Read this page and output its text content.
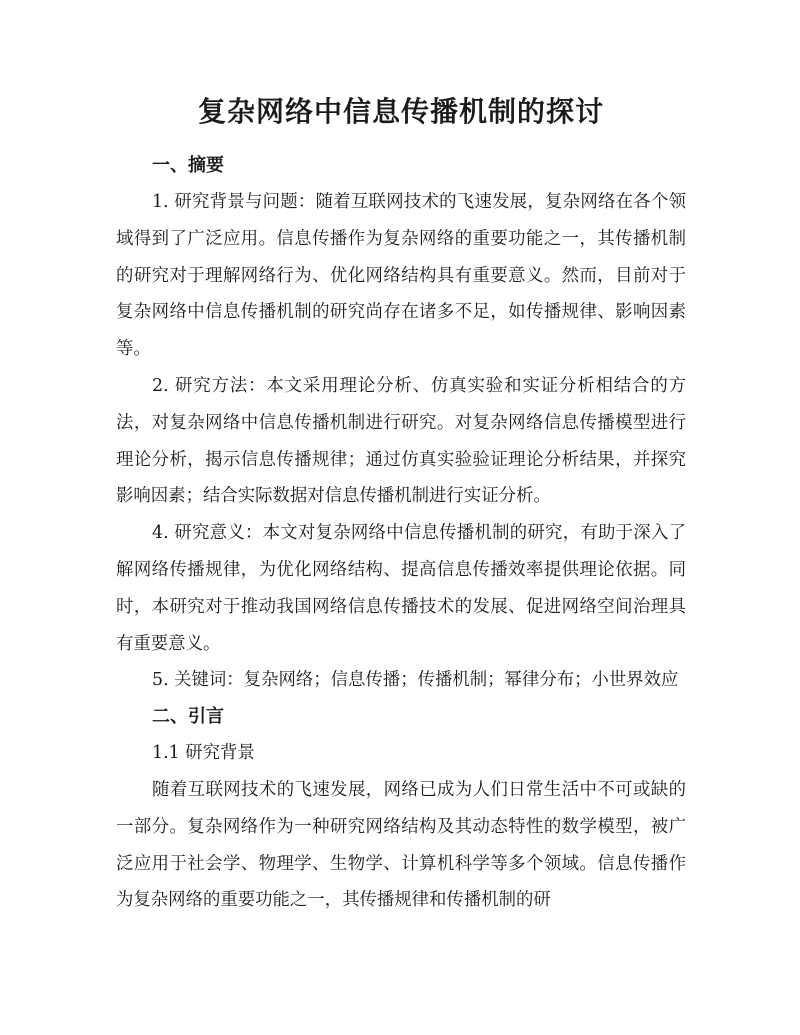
复杂网络中信息传播机制的探讨

一、摘要

1. 研究背景与问题：随着互联网技术的飞速发展，复杂网络在各个领域得到了广泛应用。信息传播作为复杂网络的重要功能之一，其传播机制的研究对于理解网络行为、优化网络结构具有重要意义。然而，目前对于复杂网络中信息传播机制的研究尚存在诸多不足，如传播规律、影响因素等。

2. 研究方法：本文采用理论分析、仿真实验和实证分析相结合的方法，对复杂网络中信息传播机制进行研究。对复杂网络信息传播模型进行理论分析，揭示信息传播规律；通过仿真实验验证理论分析结果，并探究影响因素；结合实际数据对信息传播机制进行实证分析。

4. 研究意义：本文对复杂网络中信息传播机制的研究，有助于深入了解网络传播规律，为优化网络结构、提高信息传播效率提供理论依据。同时，本研究对于推动我国网络信息传播技术的发展、促进网络空间治理具有重要意义。

5. 关键词：复杂网络；信息传播；传播机制；幂律分布；小世界效应

二、引言

1.1 研究背景

随着互联网技术的飞速发展，网络已成为人们日常生活中不可或缺的一部分。复杂网络作为一种研究网络结构及其动态特性的数学模型，被广泛应用于社会学、物理学、生物学、计算机科学等多个领域。信息传播作为复杂网络的重要功能之一，其传播规律和传播机制的研
